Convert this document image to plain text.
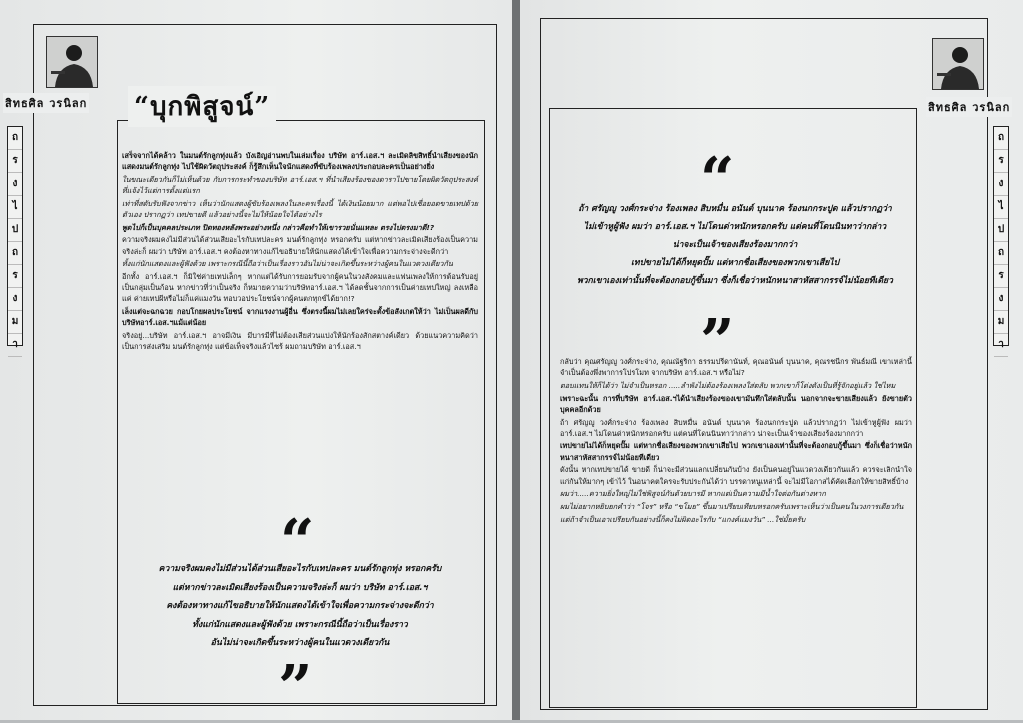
สิทธศิล วรนิลก	สิทธศิล วรนิลก
ถ
ร
ง
ไ
ป
ถ
ร
ง
ม
า
ถ
ร
ง
ไ
ป
ถ
ร
ง
ม
า
“บุกพิสูจน์”

เสร็จจากได้คล้าว ในมนต์รักลูกทุ่งแล้ว บังเอิญอ่านพบในเล่มเรื่อง บริษัท อาร์.เอส.ฯ ละเมิดลิขสิทธิ์นำเสียงของนักแสดงมนต์รักลูกทุ่ง ไปใช้ผิดวัตถุประสงค์ ก็รู้สึกเห็นใจนักแสดงที่ขับร้องเพลงประกอบละครเป็นอย่างยิ่ง

ในขณะเดียวกันก็ไม่เห็นด้วย กับการกระทำของบริษัท อาร์.เอส.ฯ ที่นำเสียงร้องของดาราไปขายโดยผิดวัตถุประสงค์ที่แจ้งไว้แต่การตั้งแต่แรก

เท่าที่สดับรับฟังจากข่าว เห็นว่านักแสดงผู้ขับร้องเพลงในละครเรื่องนี้ ได้เงินน้อยมาก แต่พอไปเชื่อยอดขายเทปด้วยตัวเอง ปรากฏว่า เทปขายดี แล้วอย่างนี้จะไม่ให้น้อยใจได้อย่างไร

พูดไปก็เป็นบุคคลประเภท ปิดทองหลังพระอย่างหนึ่ง กล่าวคือทำให้เขารวยนั่นแหละ ตรงไปตรงมาดี!?

ความจริงผมคงไม่มีส่วนได้ส่วนเสียอะไรกับเทปละคร มนต์รักลูกทุ่ง หรอกครับ แต่หากข่าวละเมิดเสียงร้องเป็นความจริงล่ะก็ ผมว่า บริษัท อาร์.เอส.ฯ คงต้องหาทางแก้ไขอธิบายให้นักแสดงได้เข้าใจเพื่อความกระจ่างจะดีกว่า

ทั้งแก่นักแสดงและผู้ฟังด้วย เพราะกรณีนี้ถือว่าเป็นเรื่องราวอันไม่น่าจะเกิดขึ้นระหว่างผู้คนในแวดวงเดียวกัน

อีกทั้ง อาร์.เอส.ฯ ก็มิใช่ค่ายเทปเล็กๆ หากแต่ได้รับการยอมรับจากผู้คนในวงสังคมและแฟนเพลงให้การต้อนรับอยู่เป็นกลุ่มเป็นก้อน หากข่าวที่ว่าเป็นจริง ก็หมายความว่าบริษัทอาร์.เอส.ฯ ได้ลดชั้นจากการเป็นค่ายเทปใหญ่ ลงเหลือแค่ ค่ายเทปผีหรือไม่ก็แค่แมงวัน ทอบวอประโยชน์จากผู้คนตกทุกข์ได้ยาก!?

เล็งแต่จะฉกฉวย กอบโกยผลประโยชน์ จากแรงงานผู้อื่น ซึ่งตรงนี้ผมไม่เลยใคร่จะตั้งข้อสังเกตให้ว่า ไม่เป็นผลดีกับบริษัทอาร์.เอส.ฯแม้แต่น้อย

จริงอยู่...บริษัท อาร์.เอส.ฯ อาจมีเงิน มีบารมีที่ไม่ต้องเสียส่วนแบ่งให้นักร้องสักสตางค์เดียว ด้วยแนวความคิดว่าเป็นการส่งเสริม มนต์รักลูกทุ่ง แต่ข้อเท็จจริงแล้วไซร้ ผมถามบริษัท อาร์.เอส.ฯ

“

ความจริงผมคงไม่มีส่วนได้ส่วนเสียอะไรกับเทปละคร มนต์รักลูกทุ่ง หรอกครับ

แต่หากข่าวละเมิดเสียงร้องเป็นความจริงล่ะก็ ผมว่า บริษัท อาร์.เอส.ฯ

คงต้องหาทางแก้ไขอธิบายให้นักแสดงได้เข้าใจเพื่อความกระจ่างจะดีกว่า

ทั้งแก่นักแสดงและผู้ฟังด้วย เพราะกรณีนี้ถือว่าเป็นเรื่องราว

อันไม่น่าจะเกิดขึ้นระหว่างผู้คนในแวดวงเดียวกัน

”
“

ถ้า ศรัญญู วงศ์กระจ่าง ร้องเพลง สิบหมื่น อนันต์ บุนนาค ร้องนกกระปูด แล้วปรากฏว่า

ไม่เข้าหูผู้ฟัง ผมว่า อาร์.เอส.ฯ ไม่โดนด่าหนักหรอกครับ แต่คนที่โดนนินทาว่ากล่าว

น่าจะเป็นเจ้าของเสียงร้องมากกว่า

เทปขายไม่ได้ก็หยุดปั๊ม แต่หากชื่อเสียงของพวกเขาเสียไป

พวกเขาเองเท่านั้นที่จะต้องกอบกู้ขึ้นมา ซึ่งก็เชื่อว่าหนักหนาสาหัสสากรรจ์ไม่น้อยทีเดียว

”

กลับว่า คุณศรัญญู วงศ์กระจ่าง, คุณณัฐริกา ธรรมปรีดานันท์, คุณอนันต์ บุนนาค, คุณรชนีกร พันธ์มณี เขาเหล่านี้จำเป็นต้องพึ่งพาการโปรโมท จากบริษัท อาร์.เอส.ฯ หรือไม่?

ตอบแทนให้ก็ได้ว่า ไม่จำเป็นหรอก .....ลำพังไม่ต้องร้องเพลงใส่ตลับ พวกเขาก็โด่งดังเป็นที่รู้จักอยู่แล้ว ใช่ไหม

เพราะฉะนั้น การที่บริษัท อาร์.เอส.ฯได้นำเสียงร้องของเขามันทึกใส่ตลับนั้น นอกจากจะขายเสียงแล้ว ยังขายตัวบุคคลอีกด้วย

ถ้า ศรัญญู วงศ์กระจ่าง ร้องเพลง สิบหมื่น อนันต์ บุนนาค ร้องนกกระปูด แล้วปรากฏว่า ไม่เข้าหูผู้ฟัง ผมว่า อาร์.เอส.ฯ ไม่โดนด่าหนักหรอกครับ แต่คนที่โดนนินทาว่ากล่าว น่าจะเป็นเจ้าของเสียงร้องมากกว่า

เทปขายไม่ได้ก็หยุดปั๊ม แต่หากชื่อเสียงของพวกเขาเสียไป พวกเขาเองเท่านั้นที่จะต้องกอบกู้ขึ้นมา ซึ่งก็เชื่อว่าหนักหนาสาหัสสากรรจ์ไม่น้อยทีเดียว

ดังนั้น หากเทปขายได้ ขายดี ก็น่าจะมีส่วนแลกเปลี่ยนกันบ้าง ยังเป็นคนอยู่ในแวดวงเดียวกันแล้ว ควรจะเลิกนำใจแก่กันให้มากๆ เข้าไว้ ในอนาคตใครจะรับประกันได้ว่า บรรดาหนูเหล่านี้ จะไม่มีโอกาสได้คัดเลือกให้ขายสิทธิ์บ้าง

ผมว่า.....ความยิ่งใหญ่ไม่ใช่พิสูจน์กันด้วยบารมี หากแต่เป็นความมีน้ำใจต่อกันต่างหาก

ผมไม่อยากหยิบยกคำว่า “โจร” หรือ “ขโมย” ขึ้นมาเปรียบเทียบหรอกครับเพราะเห็นว่าเป็นคนในวงการเดียวกัน

แต่ถ้าจำเป็นเอาเปรียบกันอย่างนี้ก็คงไม่ผิดอะไรกับ “แกงค์แมงวัน” ...ใช่มั้ยครับ
